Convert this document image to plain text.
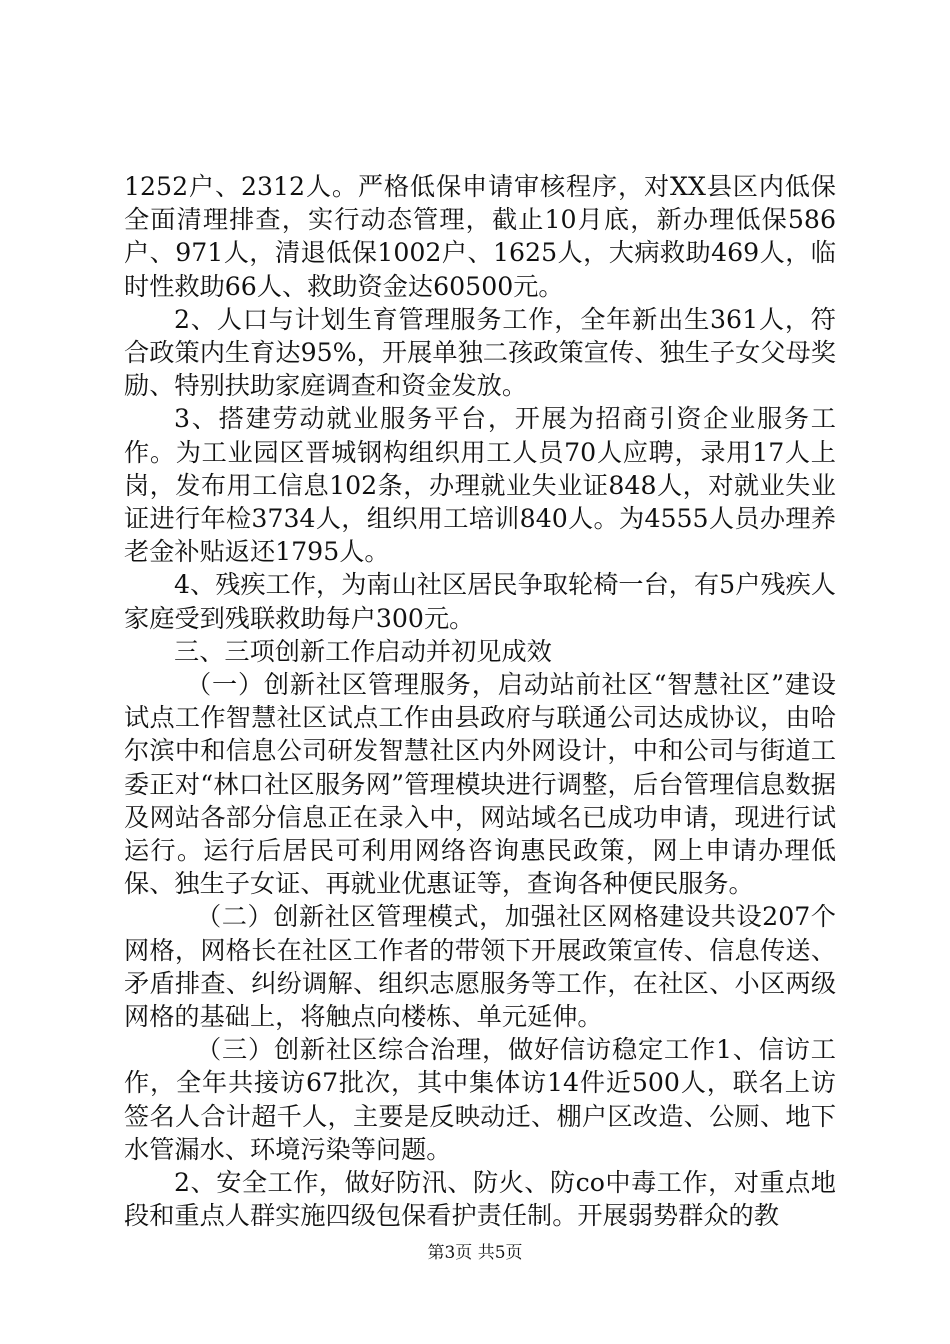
1252户、2312人。严格低保申请审核程序，对XX县区内低保全面清理排查，实行动态管理，截止10月底，新办理低保586户、971人，清退低保1002户、1625人，大病救助469人，临时性救助66人、救助资金达60500元。

2、人口与计划生育管理服务工作，全年新出生361人，符合政策内生育达95%，开展单独二孩政策宣传、独生子女父母奖励、特别扶助家庭调查和资金发放。

3、搭建劳动就业服务平台，开展为招商引资企业服务工作。为工业园区晋城钢构组织用工人员70人应聘，录用17人上岗，发布用工信息102条，办理就业失业证848人，对就业失业证进行年检3734人，组织用工培训840人。为4555人员办理养老金补贴返还1795人。

4、残疾工作，为南山社区居民争取轮椅一台，有5户残疾人家庭受到残联救助每户300元。

三、三项创新工作启动并初见成效

（一）创新社区管理服务，启动站前社区“智慧社区”建设试点工作智慧社区试点工作由县政府与联通公司达成协议，由哈尔滨中和信息公司研发智慧社区内外网设计，中和公司与街道工委正对“林口社区服务网”管理模块进行调整，后台管理信息数据及网站各部分信息正在录入中，网站域名已成功申请，现进行试运行。运行后居民可利用网络咨询惠民政策，网上申请办理低保、独生子女证、再就业优惠证等，查询各种便民服务。

（二）创新社区管理模式，加强社区网格建设共设207个网格，网格长在社区工作者的带领下开展政策宣传、信息传送、矛盾排查、纠纷调解、组织志愿服务等工作，在社区、小区两级网格的基础上，将触点向楼栋、单元延伸。

（三）创新社区综合治理，做好信访稳定工作1、信访工作，全年共接访67批次，其中集体访14件近500人，联名上访签名人合计超千人，主要是反映动迁、棚户区改造、公厕、地下水管漏水、环境污染等问题。

2、安全工作，做好防汛、防火、防co中毒工作，对重点地段和重点人群实施四级包保看护责任制。开展弱势群众的教

第3页 共5页
